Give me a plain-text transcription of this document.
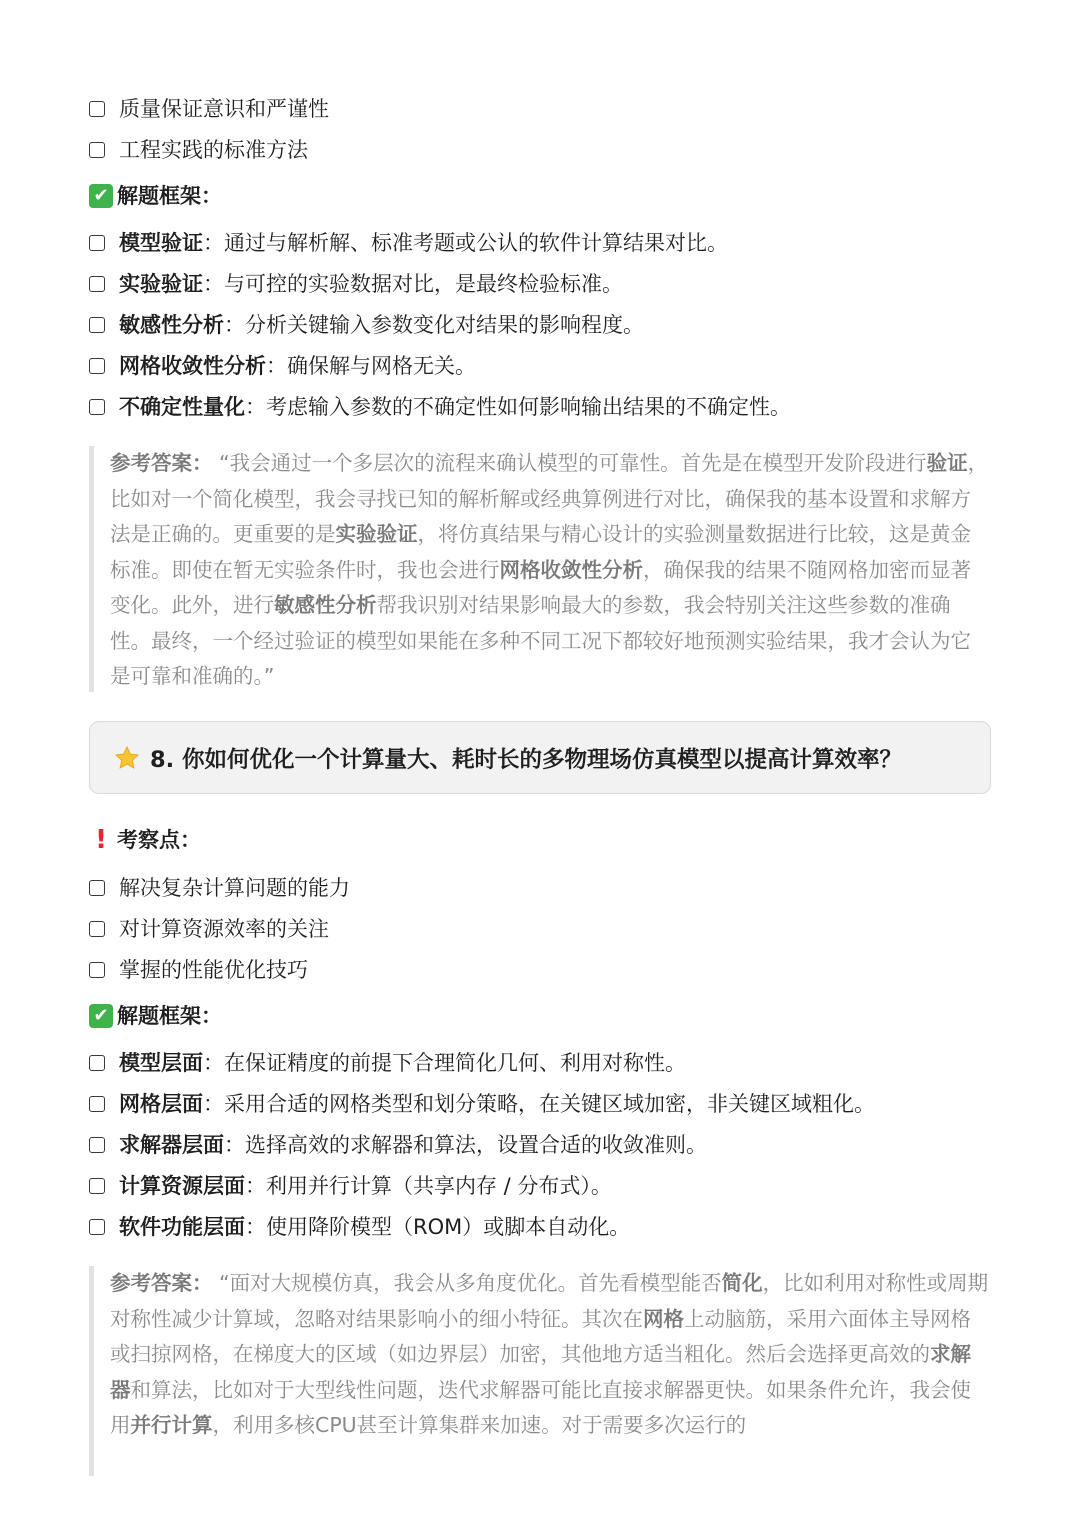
质量保证意识和严谨性
工程实践的标准方法
✔ 解题框架：
模型验证 ：通过与解析解、标准考题或公认的软件计算结果对比。
实验验证 ：与可控的实验数据对比，是最终检验标准。
敏感性分析 ：分析关键输入参数变化对结果的影响程度。
网格收敛性分析 ：确保解与网格无关。
不确定性量化 ：考虑输入参数的不确定性如何影响输出结果的不确定性。

参考答案： “我会通过一个多层次的流程来确认模型的可靠性。首先是在模型开发阶段进行验证，比如对一个简化模型，我会寻找已知的解析解或经典算例进行对比，确保我的基本设置和求解方法是正确的。更重要的是实验验证，将仿真结果与精心设计的实验测量数据进行比较，这是黄金标准。即使在暂无实验条件时，我也会进行网格收敛性分析，确保我的结果不随网格加密而显著变化。此外，进行敏感性分析帮我识别对结果影响最大的参数，我会特别关注这些参数的准确性。最终，一个经过验证的模型如果能在多种不同工况下都较好地预测实验结果，我才会认为它是可靠和准确的。”

8. 你如何优化一个计算量大、耗时长的多物理场仿真模型以提高计算效率？
! 考察点：
解决复杂计算问题的能力
对计算资源效率的关注
掌握的性能优化技巧
✔ 解题框架：
模型层面 ：在保证精度的前提下合理简化几何、利用对称性。
网格层面 ：采用合适的网格类型和划分策略，在关键区域加密，非关键区域粗化。
求解器层面 ：选择高效的求解器和算法，设置合适的收敛准则。
计算资源层面 ：利用并行计算（共享内存 / 分布式）。
软件功能层面 ：使用降阶模型（ROM）或脚本自动化。

参考答案： “面对大规模仿真，我会从多角度优化。首先看模型能否简化，比如利用对称性或周期对称性减少计算域，忽略对结果影响小的细小特征。其次在网格上动脑筋，采用六面体主导网格或扫掠网格，在梯度大的区域（如边界层）加密，其他地方适当粗化。然后会选择更高效的求解器和算法，比如对于大型线性问题，迭代求解器可能比直接求解器更快。如果条件允许，我会使用并行计算，利用多核CPU甚至计算集群来加速。对于需要多次运行的
